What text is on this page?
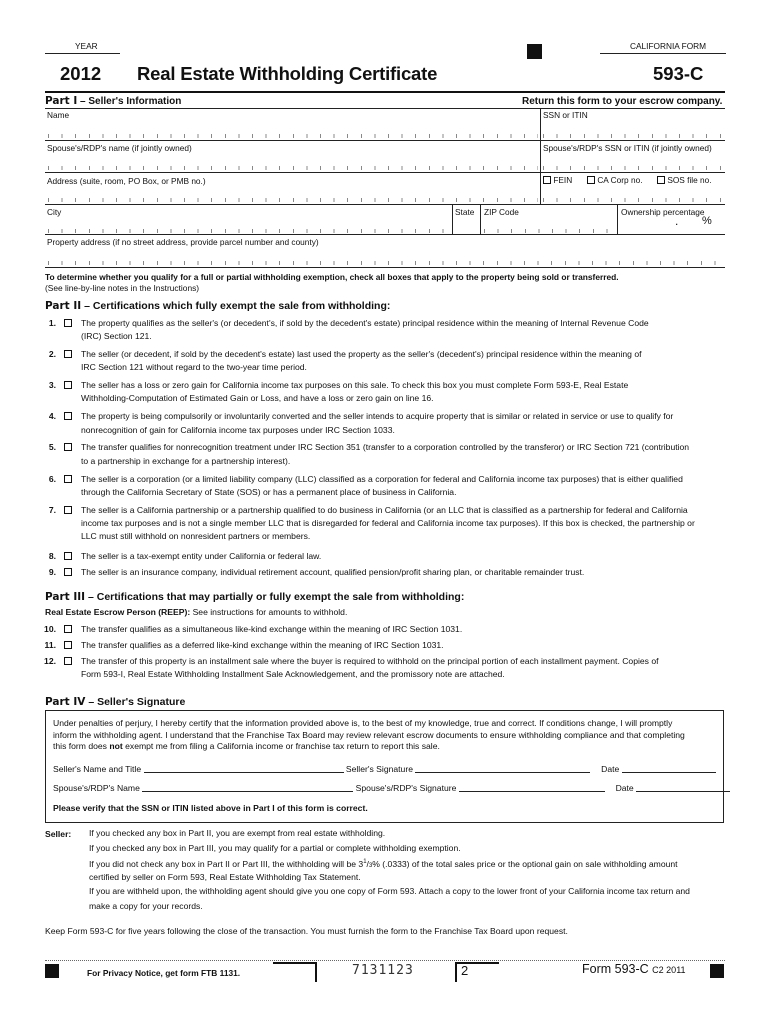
YEAR	CALIFORNIA FORM
2012 Real Estate Withholding Certificate	593-C
Part I – Seller's Information	Return this form to your escrow company.
Name	SSN or ITIN
Spouse's/RDP's name (if jointly owned)	Spouse's/RDP's SSN or ITIN (if jointly owned)
Address (suite, room, PO Box, or PMB no.)	FEIN	CA Corp no.	SOS file no.
City	State ZIP Code	Ownership percentage
. %
Property address (if no street address, provide parcel number and county)
To determine whether you qualify for a full or partial withholding exemption, check all boxes that apply to the property being sold or transferred.
(See line-by-line notes in the Instructions)
Part II – Certifications which fully exempt the sale from withholding:
1.	The property qualifies as the seller's (or decedent's, if sold by the decedent's estate) principal residence within the meaning of Internal Revenue Code
(IRC) Section 121.
2.	The seller (or decedent, if sold by the decedent's estate) last used the property as the seller's (decedent's) principal residence within the meaning of
IRC Section 121 without regard to the two-year time period.
3.	The seller has a loss or zero gain for California income tax purposes on this sale. To check this box you must complete Form 593-E, Real Estate
Withholding-Computation of Estimated Gain or Loss, and have a loss or zero gain on line 16.
4.	The property is being compulsorily or involuntarily converted and the seller intends to acquire property that is similar or related in service or use to qualify for
nonrecognition of gain for California income tax purposes under IRC Section 1033.
5.	The transfer qualifies for nonrecognition treatment under IRC Section 351 (transfer to a corporation controlled by the transferor) or IRC Section 721 (contribution
to a partnership in exchange for a partnership interest).
6.	The seller is a corporation (or a limited liability company (LLC) classified as a corporation for federal and California income tax purposes) that is either qualified
through the California Secretary of State (SOS) or has a permanent place of business in California.
7.	The seller is a California partnership or a partnership qualified to do business in California (or an LLC that is classified as a partnership for federal and California
income tax purposes and is not a single member LLC that is disregarded for federal and California income tax purposes). If this box is checked, the partnership or
LLC must still withhold on nonresident partners or members.
8.	The seller is a tax-exempt entity under California or federal law.
9.	The seller is an insurance company, individual retirement account, qualified pension/profit sharing plan, or charitable remainder trust.
Part III – Certifications that may partially or fully exempt the sale from withholding:
Real Estate Escrow Person (REEP): See instructions for amounts to withhold.
10.	The transfer qualifies as a simultaneous like-kind exchange within the meaning of IRC Section 1031.
11.	The transfer qualifies as a deferred like-kind exchange within the meaning of IRC Section 1031.
12.	The transfer of this property is an installment sale where the buyer is required to withhold on the principal portion of each installment payment. Copies of
Form 593-I, Real Estate Withholding Installment Sale Acknowledgement, and the promissory note are attached.
Part IV – Seller's Signature
Under penalties of perjury, I hereby certify that the information provided above is, to the best of my knowledge, true and correct. If conditions change, I will promptly
inform the withholding agent. I understand that the Franchise Tax Board may review relevant escrow documents to ensure withholding compliance and that completing
this form does not exempt me from filing a California income or franchise tax return to report this sale.
Seller's Name and Title	Seller's Signature	Date
Spouse's/RDP's Name	Spouse's/RDP's Signature	Date
Please verify that the SSN or ITIN listed above in Part I of this form is correct.
Seller: If you checked any box in Part II, you are exempt from real estate withholding.
If you checked any box in Part III, you may qualify for a partial or complete withholding exemption.
If you did not check any box in Part II or Part III, the withholding will be $3^1/3\%$ (.0333) of the total sales price or the optional gain on sale withholding amount
certified by seller on Form 593, Real Estate Withholding Tax Statement.
If you are withheld upon, the withholding agent should give you one copy of Form 593. Attach a copy to the lower front of your California income tax return and
make a copy for your records.
Keep Form 593-C for five years following the close of the transaction. You must furnish the form to the Franchise Tax Board upon request.
For Privacy Notice, get form FTB 1131.	7131123	2	Form 593-C C2 2011
